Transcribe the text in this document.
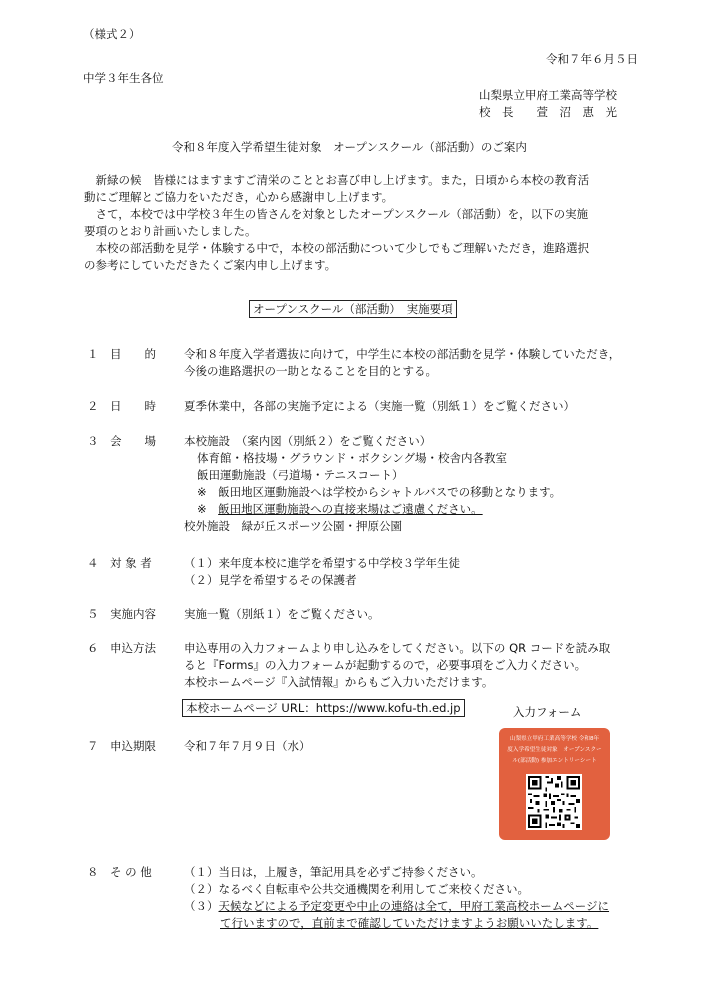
（様式２）
令和７年６月５日
中学３年生各位
山梨県立甲府工業高等学校
校　長　　萱　沼　恵　光
令和８年度入学希望生徒対象　オープンスクール（部活動）のご案内
　新緑の候　皆様にはますますご清栄のこととお喜び申し上げます。また，日頃から本校の教育活
動にご理解とご協力をいただき，心から感謝申し上げます。
　さて，本校では中学校３年生の皆さんを対象としたオープンスクール（部活動）を，以下の実施
要項のとおり計画いたしました。
　本校の部活動を見学・体験する中で，本校の部活動について少しでもご理解いただき，進路選択
の参考にしていただきたくご案内申し上げます。
オープンスクール（部活動）　実施要項
１　目　　的 令和８年度入学者選抜に向けて，中学生に本校の部活動を見学・体験していただき，
今後の進路選択の一助となることを目的とする。
２　日　　時 夏季休業中，各部の実施予定による（実施一覧（別紙１）をご覧ください）
３　会　　場 本校施設　（案内図（別紙２）をご覧ください）
体育館・格技場・グラウンド・ボクシング場・校舎内各教室
飯田運動施設（弓道場・テニスコート）
※　飯田地区運動施設へは学校からシャトルバスでの移動となります。
※　飯田地区運動施設への直接来場はご遠慮ください。
校外施設　緑が丘スポーツ公園・押原公園
４　対 象 者	（１）来年度本校に進学を希望する中学校３学年生徒
（２）見学を希望するその保護者
５　実施内容 実施一覧（別紙１）をご覧ください。
６　申込方法 申込専用の入力フォームより申し込みをしてください。以下の QR コードを読み取
ると『Forms』の入力フォームが起動するので，必要事項をご入力ください。
本校ホームページ『入試情報』からもご入力いただけます。
本校ホームページ URL：https://www.kofu-th.ed.jp	入力フォーム
７　申込期限 令和７年７月９日（水）	山梨県立甲府工業高等学校 令和8年
度入学希望生徒対象　オープンスクー
ル(部活動) 参加エントリーシート
８　そ の 他	（１）当日は，上履き，筆記用具を必ずご持参ください。
（２）なるべく自転車や公共交通機関を利用してご来校ください。
（３）天候などによる予定変更や中止の連絡は全て，甲府工業高校ホームページに
て行いますので，直前まで確認していただけますようお願いいたします。
